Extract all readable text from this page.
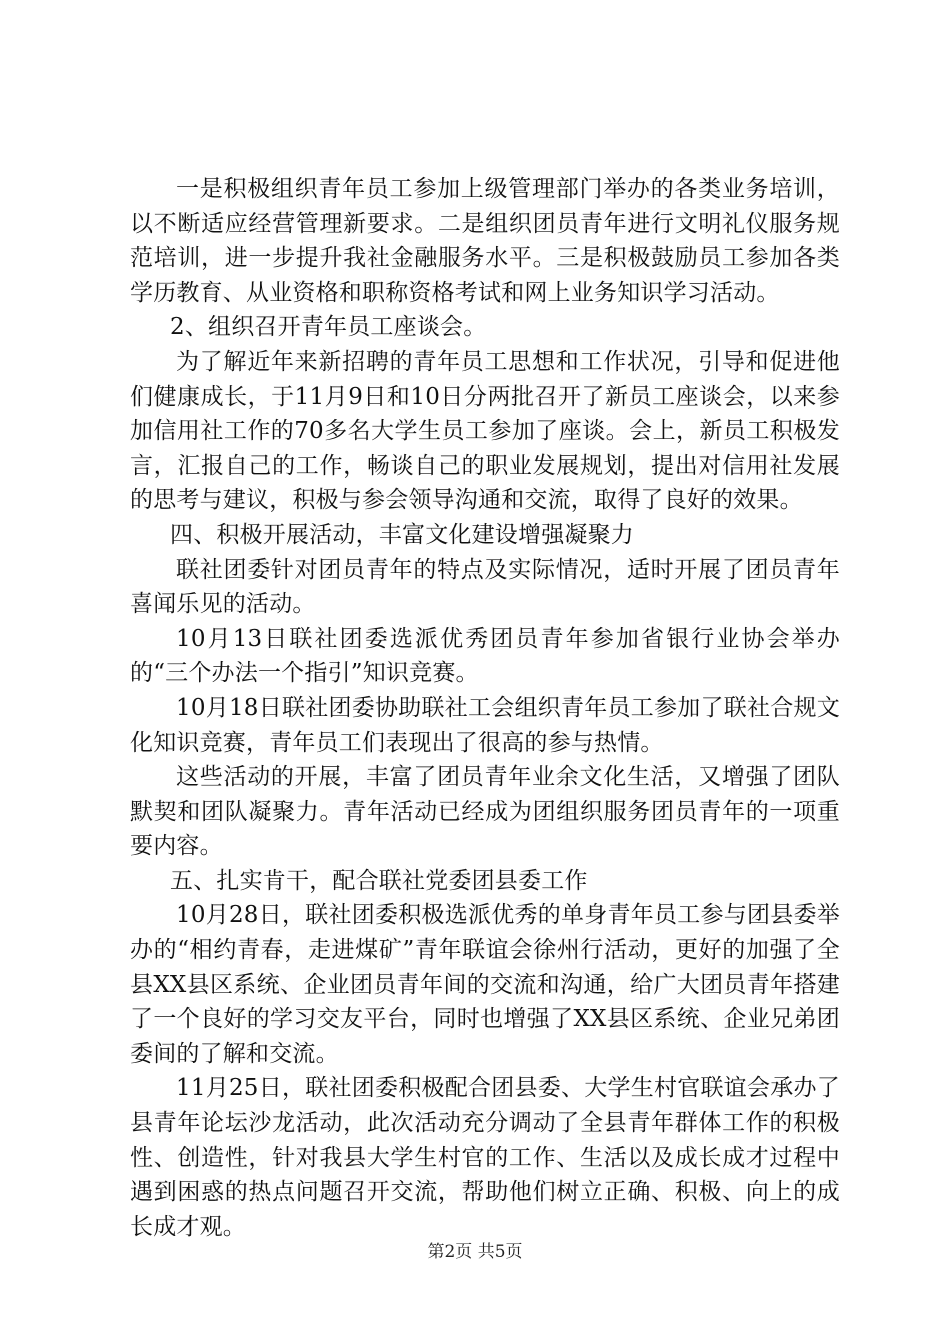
一是积极组织青年员工参加上级管理部门举办的各类业务培训，以不断适应经营管理新要求。二是组织团员青年进行文明礼仪服务规范培训，进一步提升我社金融服务水平。三是积极鼓励员工参加各类学历教育、从业资格和职称资格考试和网上业务知识学习活动。

2、组织召开青年员工座谈会。

为了解近年来新招聘的青年员工思想和工作状况，引导和促进他们健康成长，于11月9日和10日分两批召开了新员工座谈会，以来参加信用社工作的70多名大学生员工参加了座谈。会上，新员工积极发言，汇报自己的工作，畅谈自己的职业发展规划，提出对信用社发展的思考与建议，积极与参会领导沟通和交流，取得了良好的效果。

四、积极开展活动，丰富文化建设增强凝聚力

联社团委针对团员青年的特点及实际情况，适时开展了团员青年喜闻乐见的活动。

10月13日联社团委选派优秀团员青年参加省银行业协会举办的“三个办法一个指引”知识竞赛。

10月18日联社团委协助联社工会组织青年员工参加了联社合规文化知识竞赛，青年员工们表现出了很高的参与热情。

这些活动的开展，丰富了团员青年业余文化生活，又增强了团队默契和团队凝聚力。青年活动已经成为团组织服务团员青年的一项重要内容。

五、扎实肯干，配合联社党委团县委工作

10月28日，联社团委积极选派优秀的单身青年员工参与团县委举办的“相约青春，走进煤矿”青年联谊会徐州行活动，更好的加强了全县XX县区系统、企业团员青年间的交流和沟通，给广大团员青年搭建了一个良好的学习交友平台，同时也增强了XX县区系统、企业兄弟团委间的了解和交流。

11月25日，联社团委积极配合团县委、大学生村官联谊会承办了县青年论坛沙龙活动，此次活动充分调动了全县青年群体工作的积极性、创造性，针对我县大学生村官的工作、生活以及成长成才过程中遇到困惑的热点问题召开交流，帮助他们树立正确、积极、向上的成长成才观。

第2页 共5页
